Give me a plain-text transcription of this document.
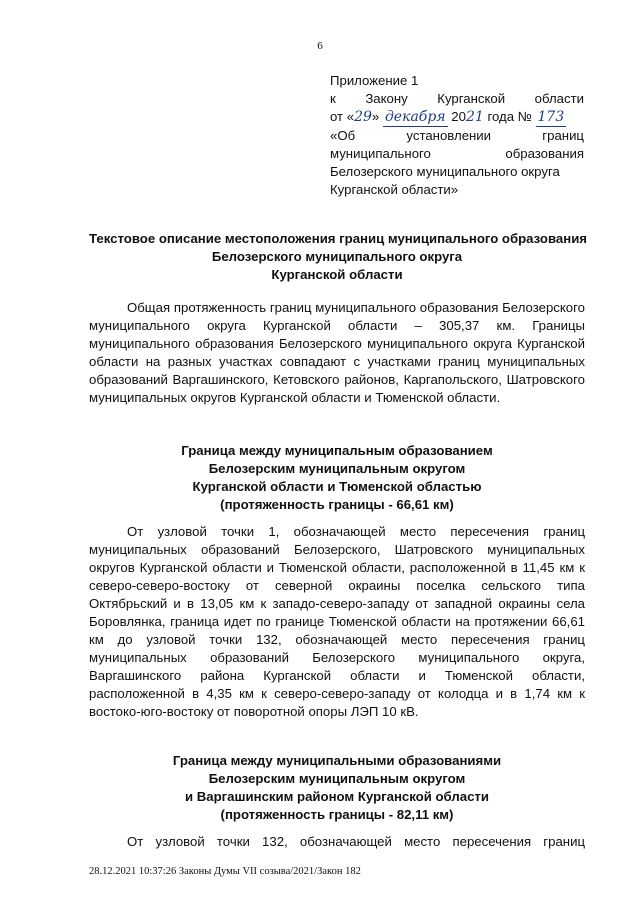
6
Приложение 1
к Закону Курганской области
от «29» декабря 2021 года № 173
«Об установлении границ
муниципального образования
Белозерского муниципального округа
Курганской области»
Текстовое описание местоположения границ муниципального образования
Белозерского муниципального округа
Курганской области

Общая протяженность границ муниципального образования Белозерского муниципального округа Курганской области – 305,37 км. Границы муниципального образования Белозерского муниципального округа Курганской области на разных участках совпадают с участками границ муниципальных образований Варгашинского, Кетовского районов, Каргапольского, Шатровского муниципальных округов Курганской области и Тюменской области.

Граница между муниципальным образованием
Белозерским муниципальным округом
Курганской области и Тюменской областью
(протяженность границы - 66,61 км)

От узловой точки 1, обозначающей место пересечения границ муниципальных образований Белозерского, Шатровского муниципальных округов Курганской области и Тюменской области, расположенной в 11,45 км к северо-северо-востоку от северной окраины поселка сельского типа Октябрьский и в 13,05 км к западо-северо-западу от западной окраины села Боровлянка, граница идет по границе Тюменской области на протяжении 66,61 км до узловой точки 132, обозначающей место пересечения границ муниципальных образований Белозерского муниципального округа, Варгашинского района Курганской области и Тюменской области, расположенной в 4,35 км к северо-северо-западу от колодца и в 1,74 км к востоко-юго-востоку от поворотной опоры ЛЭП 10 кВ.

Граница между муниципальными образованиями
Белозерским муниципальным округом
и Варгашинским районом Курганской области
(протяженность границы - 82,11 км)

От узловой точки 132, обозначающей место пересечения границ

28.12.2021 10:37:26 Законы Думы VII созыва/2021/Закон 182
